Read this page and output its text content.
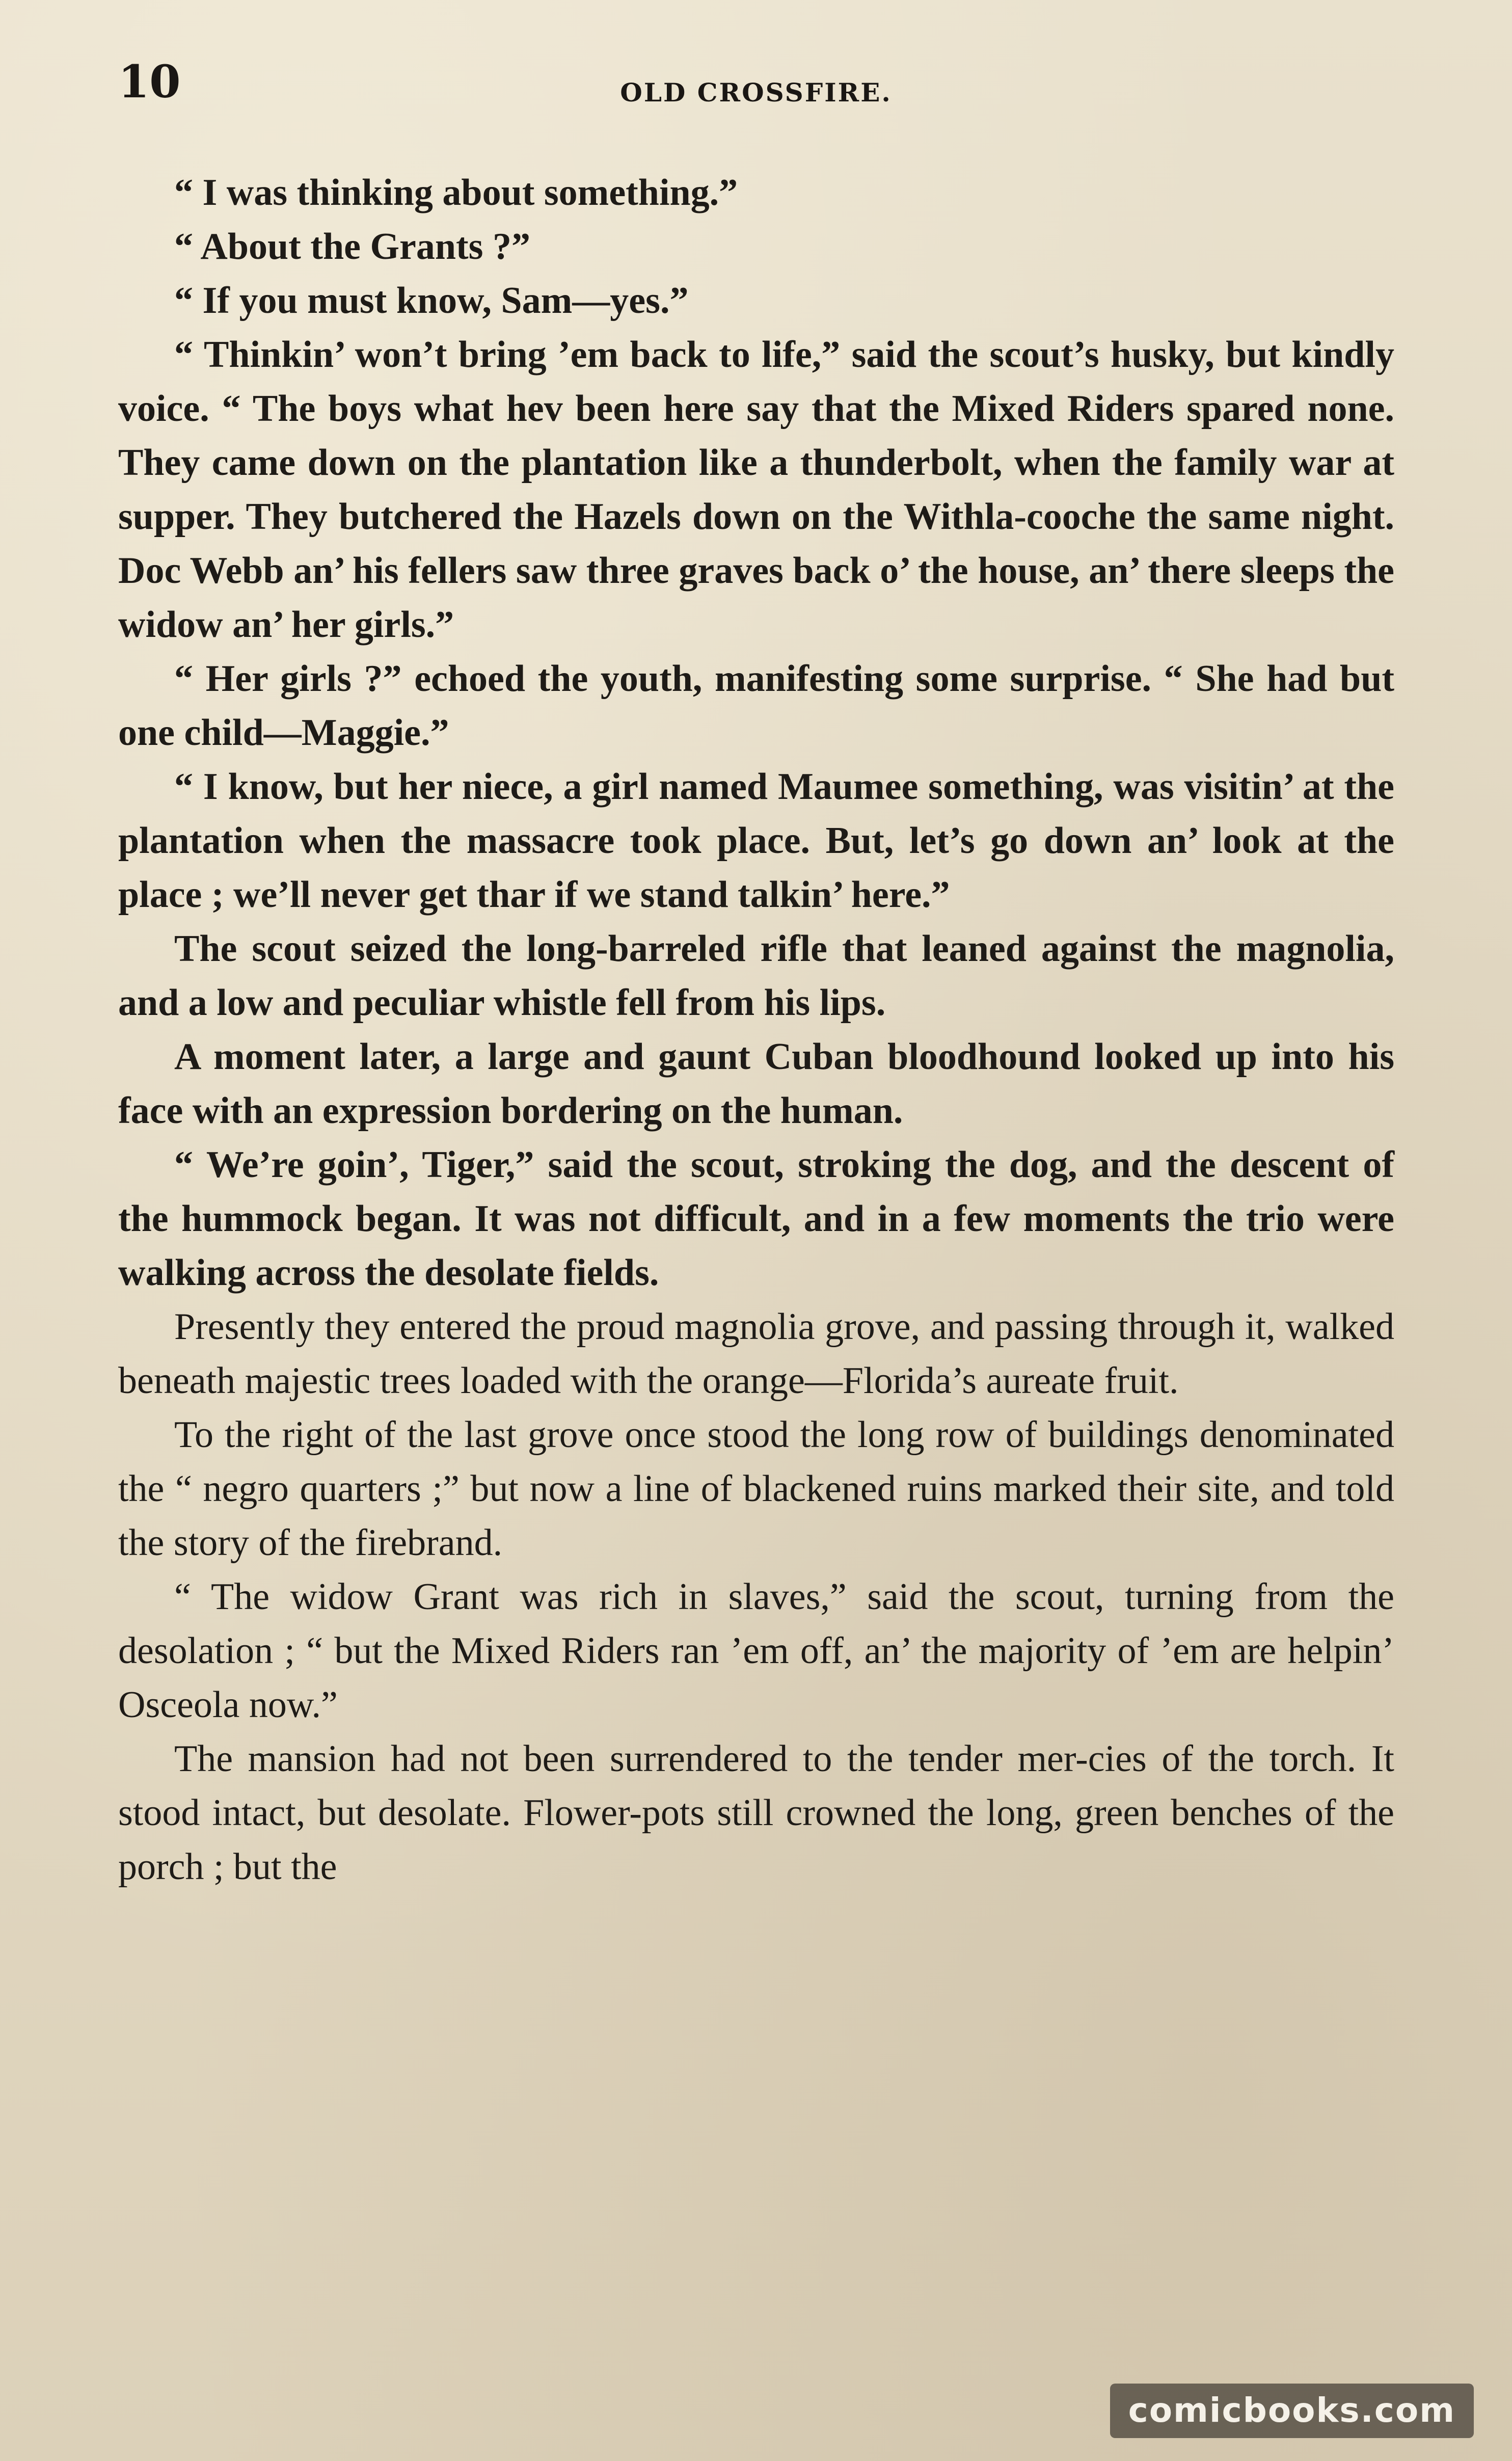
10	OLD CROSSFIRE.

“ I was thinking about something.”

“ About the Grants ?”

“ If you must know, Sam—yes.”

“ Thinkin’ won’t bring ’em back to life,” said the scout’s husky, but kindly voice. “ The boys what hev been here say that the Mixed Riders spared none. They came down on the plantation like a thunderbolt, when the family war at supper. They butchered the Hazels down on the Withla-cooche the same night. Doc Webb an’ his fellers saw three graves back o’ the house, an’ there sleeps the widow an’ her girls.”

“ Her girls ?” echoed the youth, manifesting some surprise. “ She had but one child—Maggie.”

“ I know, but her niece, a girl named Maumee something, was visitin’ at the plantation when the massacre took place. But, let’s go down an’ look at the place ; we’ll never get thar if we stand talkin’ here.”

The scout seized the long-barreled rifle that leaned against the magnolia, and a low and peculiar whistle fell from his lips.

A moment later, a large and gaunt Cuban bloodhound looked up into his face with an expression bordering on the human.

“ We’re goin’, Tiger,” said the scout, stroking the dog, and the descent of the hummock began. It was not difficult, and in a few moments the trio were walking across the desolate fields.

Presently they entered the proud magnolia grove, and passing through it, walked beneath majestic trees loaded with the orange—Florida’s aureate fruit.

To the right of the last grove once stood the long row of buildings denominated the “ negro quarters ;” but now a line of blackened ruins marked their site, and told the story of the firebrand.

“ The widow Grant was rich in slaves,” said the scout, turning from the desolation ; “ but the Mixed Riders ran ’em off, an’ the majority of ’em are helpin’ Osceola now.”

The mansion had not been surrendered to the tender mer-cies of the torch. It stood intact, but desolate. Flower-pots still crowned the long, green benches of the porch ; but the

comicbooks.com
